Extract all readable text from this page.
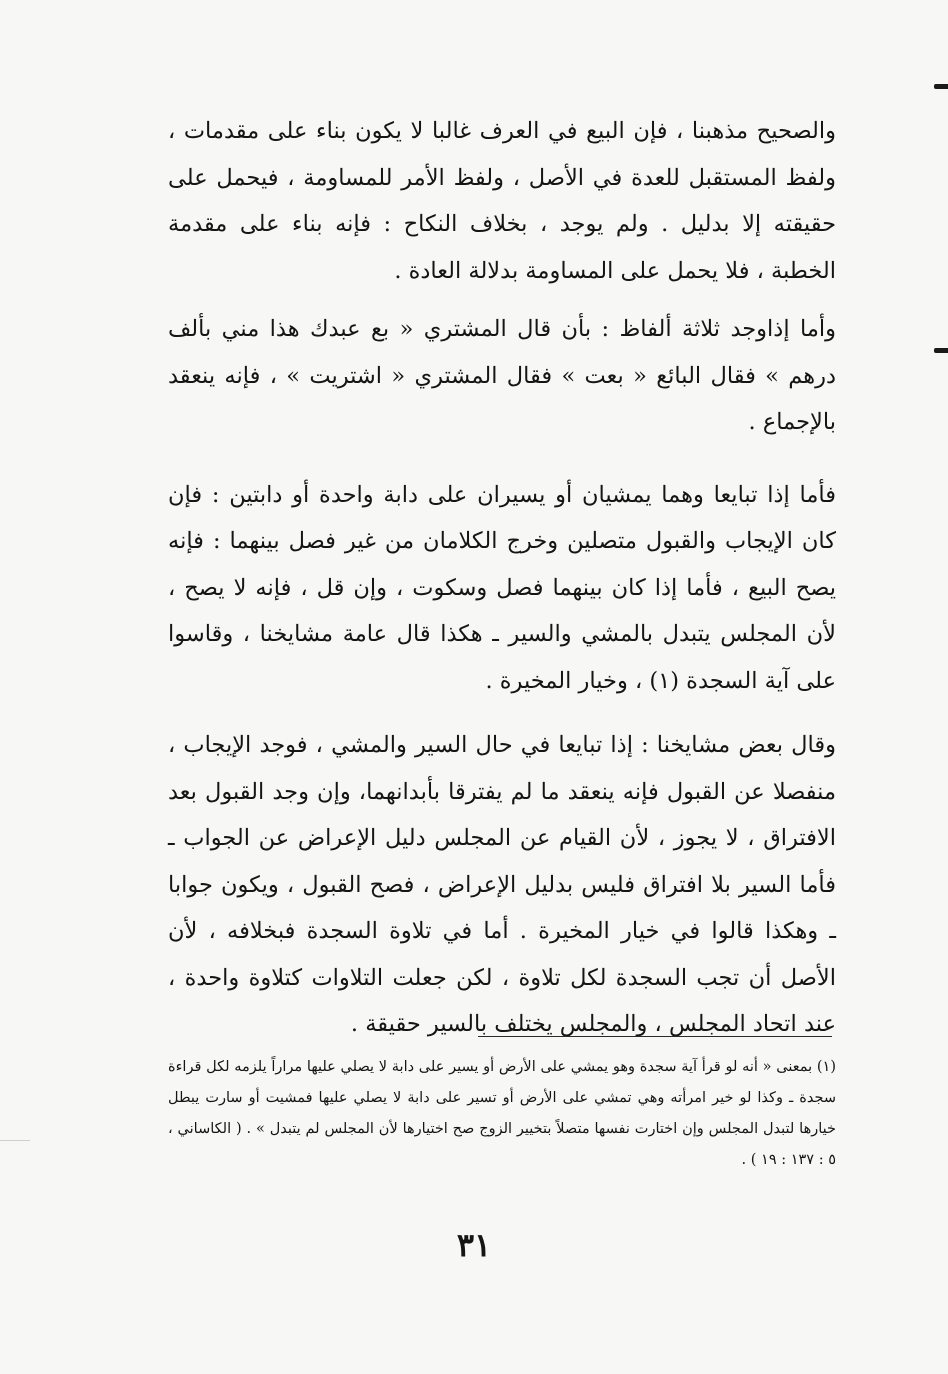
والصحيح مذهبنا ، فإن البيع في العرف غالبا لا يكون بناء على مقدمات ، ولفظ المستقبل للعدة في الأصل ، ولفظ الأمر للمساومة ، فيحمل على حقيقته إلا بدليل . ولم يوجد ، بخلاف النكاح : فإنه بناء على مقدمة الخطبة ، فلا يحمل على المساومة بدلالة العادة .

وأما إذاوجد ثلاثة ألفاظ : بأن قال المشتري « بع عبدك هذا مني بألف درهم » فقال البائع « بعت » فقال المشتري « اشتريت » ، فإنه ينعقد بالإجماع .

فأما إذا تبايعا وهما يمشيان أو يسيران على دابة واحدة أو دابتين : فإن كان الإيجاب والقبول متصلين وخرج الكلامان من غير فصل بينهما : فإنه يصح البيع ، فأما إذا كان بينهما فصل وسكوت ، وإن قل ، فإنه لا يصح ، لأن المجلس يتبدل بالمشي والسير ـ هكذا قال عامة مشايخنا ، وقاسوا على آية السجدة (١) ، وخيار المخيرة .

وقال بعض مشايخنا : إذا تبايعا في حال السير والمشي ، فوجد الإيجاب ، منفصلا عن القبول فإنه ينعقد ما لم يفترقا بأبدانهما، وإن وجد القبول بعد الافتراق ، لا يجوز ، لأن القيام عن المجلس دليل الإعراض عن الجواب ـ فأما السير بلا افتراق فليس بدليل الإعراض ، فصح القبول ، ويكون جوابا ـ وهكذا قالوا في خيار المخيرة . أما في تلاوة السجدة فبخلافه ، لأن الأصل أن تجب السجدة لكل تلاوة ، لكن جعلت التلاوات كتلاوة واحدة ، عند اتحاد المجلس ، والمجلس يختلف بالسير حقيقة .

(١) بمعنى « أنه لو قرأ آية سجدة وهو يمشي على الأرض أو يسير على دابة لا يصلي عليها مراراً يلزمه لكل قراءة سجدة ـ وكذا لو خير امرأته وهي تمشي على الأرض أو تسير على دابة لا يصلي عليها فمشيت أو سارت يبطل خيارها لتبدل المجلس وإن اختارت نفسها متصلاً بتخيير الزوج صح اختيارها لأن المجلس لم يتبدل » . ( الكاساني ، ٥ : ١٣٧ : ١٩ ) .

٣١
